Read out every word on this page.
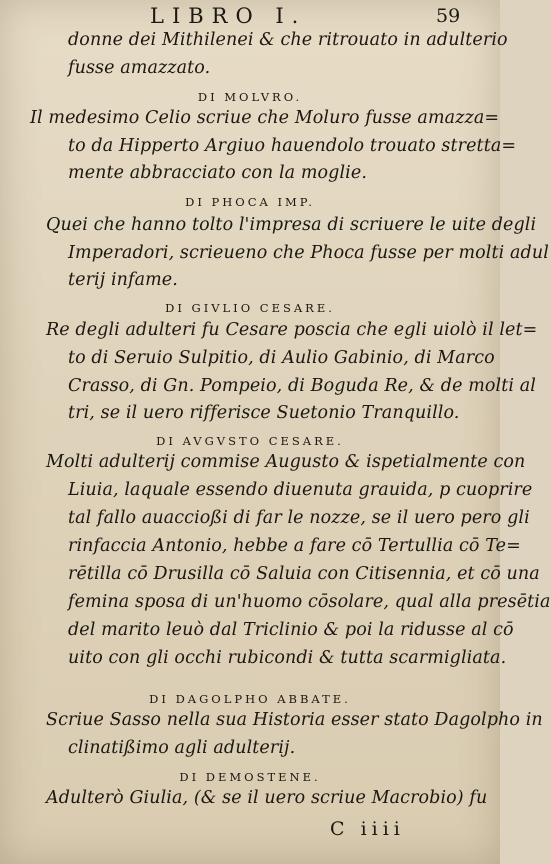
LIBRO I.	59
donne dei Mithilenei & che ritrouato in adulterio
fusse amazzato.
DI MOLVRO.
Il medesimo Celio scriue che Moluro fusse amazza=
to da Hipperto Argiuo hauendolo trouato stretta=
mente abbracciato con la moglie.
DI PHOCA IMP.
Quei che hanno tolto l'impresa di scriuere le uite degli
Imperadori, scrieueno che Phoca fusse per molti adul
terij infame.
DI GIVLIO CESARE.
Re degli adulteri fu Cesare poscia che egli uiolò il let=
to di Seruio Sulpitio, di Aulio Gabinio, di Marco
Crasso, di Gn. Pompeio, di Boguda Re, & de molti al
tri, se il uero rifferisce Suetonio Tranquillo.
DI AVGVSTO CESARE.
Molti adulterij commise Augusto & ispetialmente con
Liuia, laquale essendo diuenuta grauida, p cuoprire
tal fallo auaccioßi di far le nozze, se il uero pero gli
rinfaccia Antonio, hebbe a fare cō Tertullia cō Te=
rētilla cō Drusilla cō Saluia con Citisennia, et cō una
femina sposa di un'huomo cōsolare, qual alla presētia
del marito leuò dal Triclinio & poi la ridusse al cō
uito con gli occhi rubicondi & tutta scarmigliata.
DI DAGOLPHO ABBATE.
Scriue Sasso nella sua Historia esser stato Dagolpho in
clinatißimo agli adulterij.
DI DEMOSTENE.
Adulterò Giulia, (& se il uero scriue Macrobio) fu
C iiii
